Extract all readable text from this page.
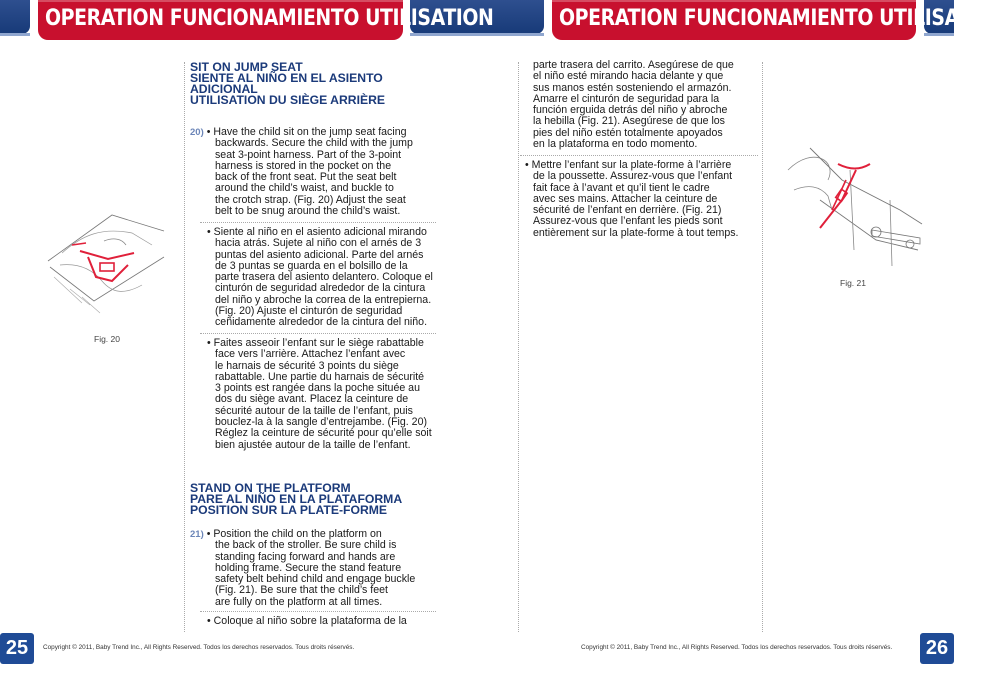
OPERATION FUNCIONAMIENTO UTILISATION	OPERATION FUNCIONAMIENTO UTILISATION
SIT ON JUMP SEAT
SIENTE AL NIÑO EN EL ASIENTO
ADICIONAL
UTILISATION DU SIÈGE ARRIÈRE
20) • Have the child sit on the jump seat facing
backwards. Secure the child with the jump
seat 3-point harness. Part of the 3-point
harness is stored in the pocket on the
back of the front seat. Put the seat belt
around the child’s waist, and buckle to
the crotch strap. (Fig. 20) Adjust the seat
belt to be snug around the child’s waist.
• Siente al niño en el asiento adicional mirando
hacia atrás. Sujete al niño con el arnés de 3
puntas del asiento adicional. Parte del arnés
de 3 puntas se guarda en el bolsillo de la
parte trasera del asiento delantero. Coloque el
cinturón de seguridad alrededor de la cintura
del niño y abroche la correa de la entrepierna.
(Fig. 20) Ajuste el cinturón de seguridad
ceñidamente alrededor de la cintura del niño.
• Faites asseoir l’enfant sur le siège rabattable
face vers l’arrière. Attachez l’enfant avec
le harnais de sécurité 3 points du siège
rabattable. Une partie du harnais de sécurité
3 points est rangée dans la poche située au
dos du siège avant. Placez la ceinture de
sécurité autour de la taille de l’enfant, puis
bouclez-la à la sangle d’entrejambe. (Fig. 20)
Réglez la ceinture de sécurité pour qu’elle soit
bien ajustée autour de la taille de l’enfant.
STAND ON THE PLATFORM
PARE AL NIÑO EN LA PLATAFORMA
POSITION SUR LA PLATE-FORME
21) • Position the child on the platform on
the back of the stroller. Be sure child is
standing facing forward and hands are
holding frame. Secure the stand feature
safety belt behind child and engage buckle
(Fig. 21). Be sure that the child’s feet
are fully on the platform at all times.
• Coloque al niño sobre la plataforma de la
Fig. 20
parte trasera del carrito. Asegúrese de que
el niño esté mirando hacia delante y que
sus manos estén sosteniendo el armazón.
Amarre el cinturón de seguridad para la
función erguida detrás del niño y abroche
la hebilla (Fig. 21). Asegúrese de que los
pies del niño estén totalmente apoyados
en la plataforma en todo momento.
• Mettre l’enfant sur la plate-forme à l’arrière
de la poussette. Assurez-vous que l’enfant
fait face à l’avant et qu’il tient le cadre
avec ses mains. Attacher la ceinture de
sécurité de l’enfant en derrière. (Fig. 21)
Assurez-vous que l’enfant les pieds sont
entièrement sur la plate-forme à tout temps.
Fig. 21
25	Copyright © 2011, Baby Trend Inc., All Rights Reserved. Todos los derechos reservados. Tous droits réservés.	Copyright © 2011, Baby Trend Inc., All Rights Reserved. Todos los derechos reservados. Tous droits réservés. 26
